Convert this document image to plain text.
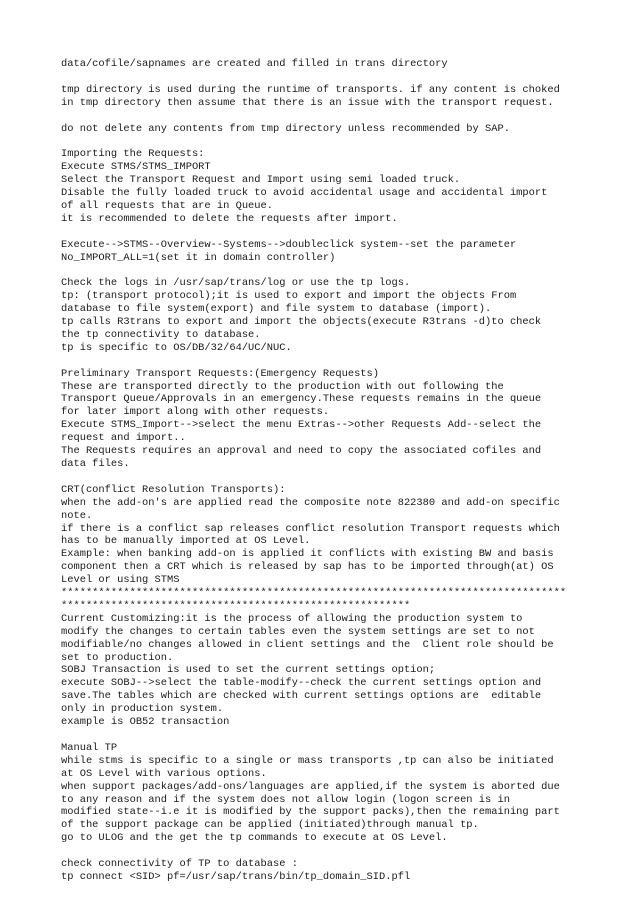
data/cofile/sapnames are created and filled in trans directory
tmp directory is used during the runtime of transports. if any content is choked
in tmp directory then assume that there is an issue with the transport request.
do not delete any contents from tmp directory unless recommended by SAP.
Importing the Requests:
Execute STMS/STMS_IMPORT
Select the Transport Request and Import using semi loaded truck.
Disable the fully loaded truck to avoid accidental usage and accidental import
of all requests that are in Queue.
it is recommended to delete the requests after import.
Execute-->STMS--Overview--Systems-->doubleclick system--set the parameter
No_IMPORT_ALL=1(set it in domain controller)
Check the logs in /usr/sap/trans/log or use the tp logs.
tp: (transport protocol);it is used to export and import the objects From
database to file system(export) and file system to database (import).
tp calls R3trans to export and import the objects(execute R3trans -d)to check
the tp connectivity to database.
tp is specific to OS/DB/32/64/UC/NUC.
Preliminary Transport Requests:(Emergency Requests)
These are transported directly to the production with out following the
Transport Queue/Approvals in an emergency.These requests remains in the queue
for later import along with other requests.
Execute STMS_Import-->select the menu Extras-->other Requests Add--select the
request and import..
The Requests requires an approval and need to copy the associated cofiles and
data files.
CRT(conflict Resolution Transports):
when the add-on's are applied read the composite note 822380 and add-on specific
note.
if there is a conflict sap releases conflict resolution Transport requests which
has to be manually imported at OS Level.
Example: when banking add-on is applied it conflicts with existing BW and basis
component then a CRT which is released by sap has to be imported through(at) OS
Level or using STMS
*********************************************************************************
********************************************************
Current Customizing:it is the process of allowing the production system to
modify the changes to certain tables even the system settings are set to not
modifiable/no changes allowed in client settings and the  Client role should be
set to production.
SOBJ Transaction is used to set the current settings option;
execute SOBJ-->select the table-modify--check the current settings option and
save.The tables which are checked with current settings options are  editable
only in production system.
example is OB52 transaction
Manual TP
while stms is specific to a single or mass transports ,tp can also be initiated
at OS Level with various options.
when support packages/add-ons/languages are applied,if the system is aborted due
to any reason and if the system does not allow login (logon screen is in
modified state--i.e it is modified by the support packs),then the remaining part
of the support package can be applied (initiated)through manual tp.
go to ULOG and the get the tp commands to execute at OS Level.
check connectivity of TP to database :
tp connect <SID> pf=/usr/sap/trans/bin/tp_domain_SID.pfl
